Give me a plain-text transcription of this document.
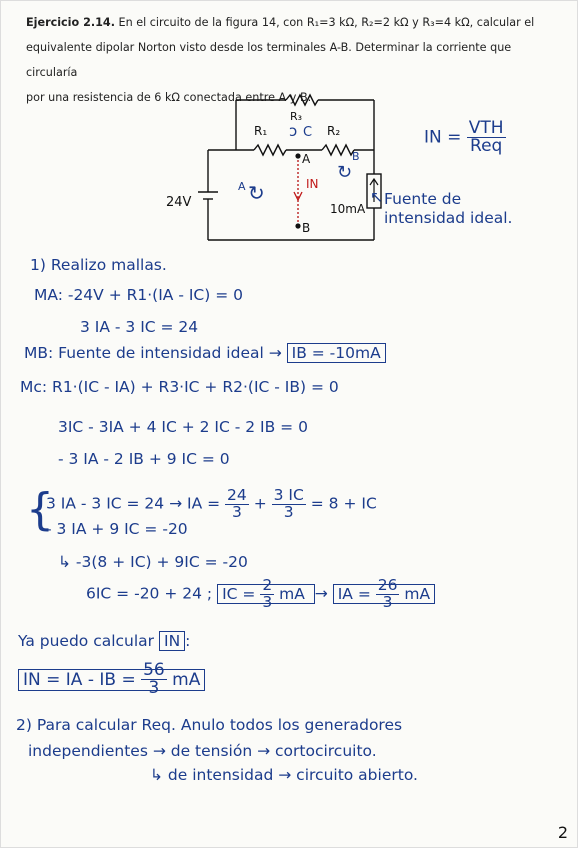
Ejercicio 2.14. En el circuito de la figura 14, con R₁=3 kΩ, R₂=2 kΩ y R₃=4 kΩ, calcular el
equivalente dipolar Norton visto desde los terminales A-B. Determinar la corriente que circularía
por una resistencia de 6 kΩ conectada entre A y B.
R₃
R₁	R₂
A
B
24V	10mA
ↄ C
A ↻
↻
B
IN
IN = $\frac{\text{VTH}}{\text{Req}}$
↖ Fuente de
intensidad ideal.
1) Realizo mallas.
MA: -24V + R1·(IA - IC) = 0
3 IA - 3 IC = 24
MB: Fuente de intensidad ideal → IB = -10mA
Mc: R1·(IC - IA) + R3·IC + R2·(IC - IB) = 0
3IC - 3IA + 4 IC + 2 IC - 2 IB = 0
- 3 IA - 2 IB + 9 IC = 0
{
3 IA - 3 IC = 24 → IA = $\frac{24}{3} + \frac{3 IC}{3} = 8$ + IC
- 3 IA + 9 IC = -20
↳ -3(8 + IC) + 9IC = -20
6IC = -20 + 24 ; IC = $\frac{2}{3}$ mA → IA = $\frac{26}{3}$ mA
Ya puedo calcular IN :
IN = IA - IB = $\frac{56}{3}$ mA
2) Para calcular Req. Anulo todos los generadores
independientes → de tensión → cortocircuito.
↳ de intensidad → circuito abierto.
2
